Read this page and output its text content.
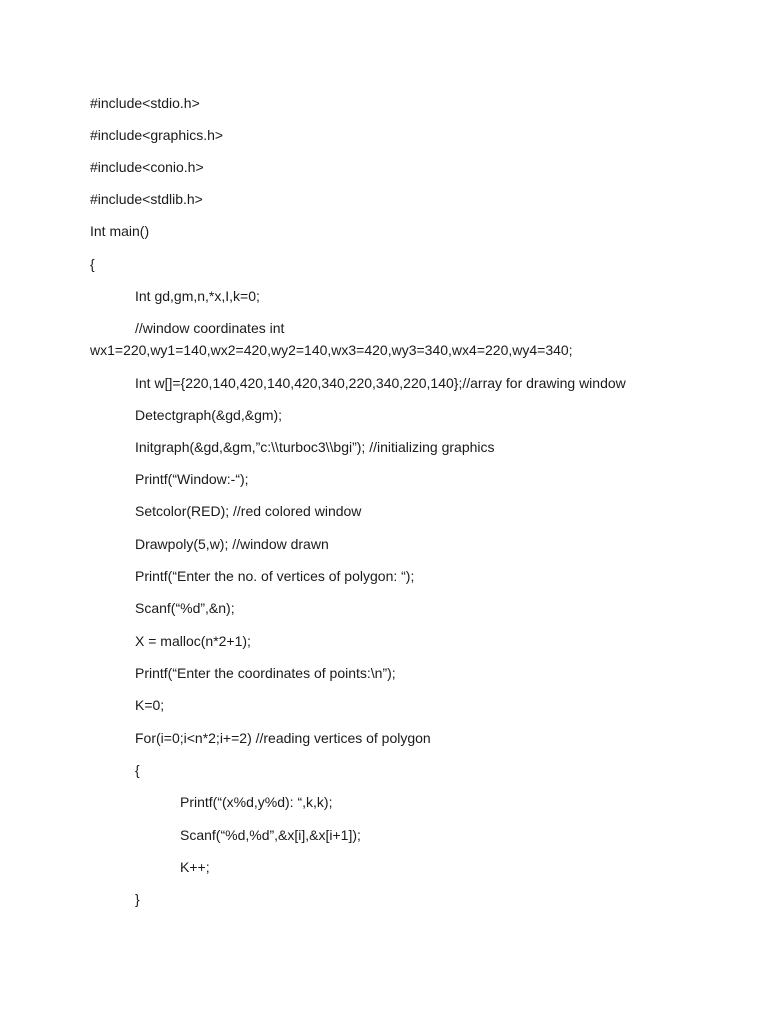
#include<stdio.h>
#include<graphics.h>
#include<conio.h>
#include<stdlib.h>
Int main()
{
Int gd,gm,n,*x,I,k=0;
//window coordinates int
wx1=220,wy1=140,wx2=420,wy2=140,wx3=420,wy3=340,wx4=220,wy4=340;
Int w[]={220,140,420,140,420,340,220,340,220,140};//array for drawing window
Detectgraph(&gd,&gm);
Initgraph(&gd,&gm,”c:\\turboc3\\bgi”); //initializing graphics
Printf(“Window:-“);
Setcolor(RED); //red colored window
Drawpoly(5,w); //window drawn
Printf(“Enter the no. of vertices of polygon: “);
Scanf(“%d”,&n);
X = malloc(n*2+1);
Printf(“Enter the coordinates of points:\n”);
K=0;
For(i=0;i<n*2;i+=2) //reading vertices of polygon
{
Printf(“(x%d,y%d): “,k,k);
Scanf(“%d,%d”,&x[i],&x[i+1]);
K++;
}
